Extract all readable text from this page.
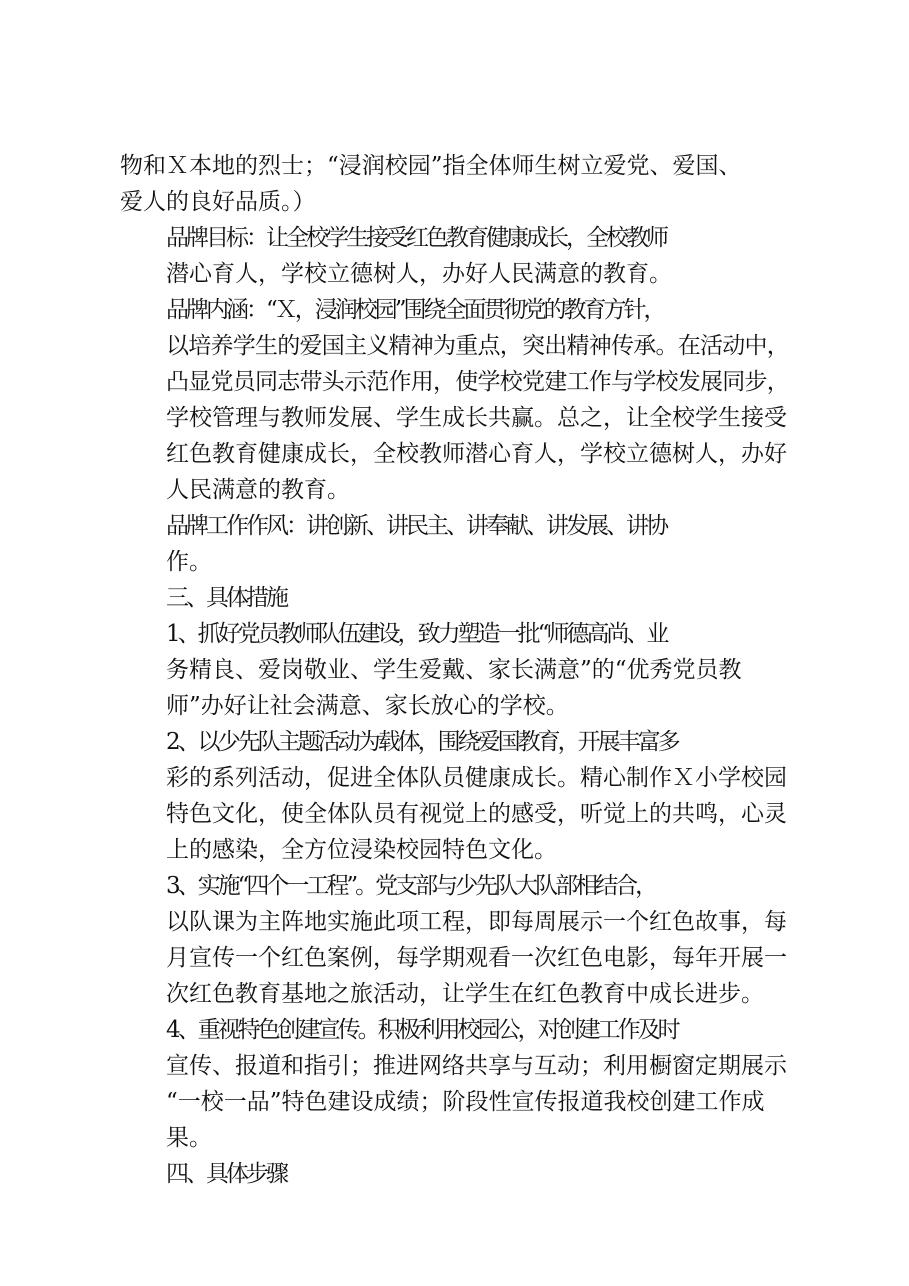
物和Ｘ本地的烈士；“浸润校园”指全体师生树立爱党、爱国、
爱人的良好品质。）

品牌目标：让全校学生接受红色教育健康成长，全校教师
潜心育人，学校立德树人，办好人民满意的教育。

品牌内涵：“Ｘ，浸润校园”围绕全面贯彻党的教育方针，
以培养学生的爱国主义精神为重点，突出精神传承。在活动中，
凸显党员同志带头示范作用，使学校党建工作与学校发展同步，
学校管理与教师发展、学生成长共赢。总之，让全校学生接受
红色教育健康成长，全校教师潜心育人，学校立德树人，办好
人民满意的教育。

品牌工作作风：讲创新、讲民主、讲奉献、讲发展、讲协
作。

三、具体措施

1、抓好党员教师队伍建设，致力塑造一批“师德高尚、业
务精良、爱岗敬业、学生爱戴、家长满意”的“优秀党员教
师”办好让社会满意、家长放心的学校。

2、以少先队主题活动为载体，围绕爱国教育，开展丰富多
彩的系列活动，促进全体队员健康成长。精心制作Ｘ小学校园
特色文化，使全体队员有视觉上的感受，听觉上的共鸣，心灵
上的感染，全方位浸染校园特色文化。

3、实施“四个一工程”。党支部与少先队大队部相结合，
以队课为主阵地实施此项工程，即每周展示一个红色故事，每
月宣传一个红色案例，每学期观看一次红色电影，每年开展一
次红色教育基地之旅活动，让学生在红色教育中成长进步。

4、重视特色创建宣传。积极利用校园公，对创建工作及时
宣传、报道和指引；推进网络共享与互动；利用橱窗定期展示
“一校一品”特色建设成绩；阶段性宣传报道我校创建工作成
果。

四、具体步骤
